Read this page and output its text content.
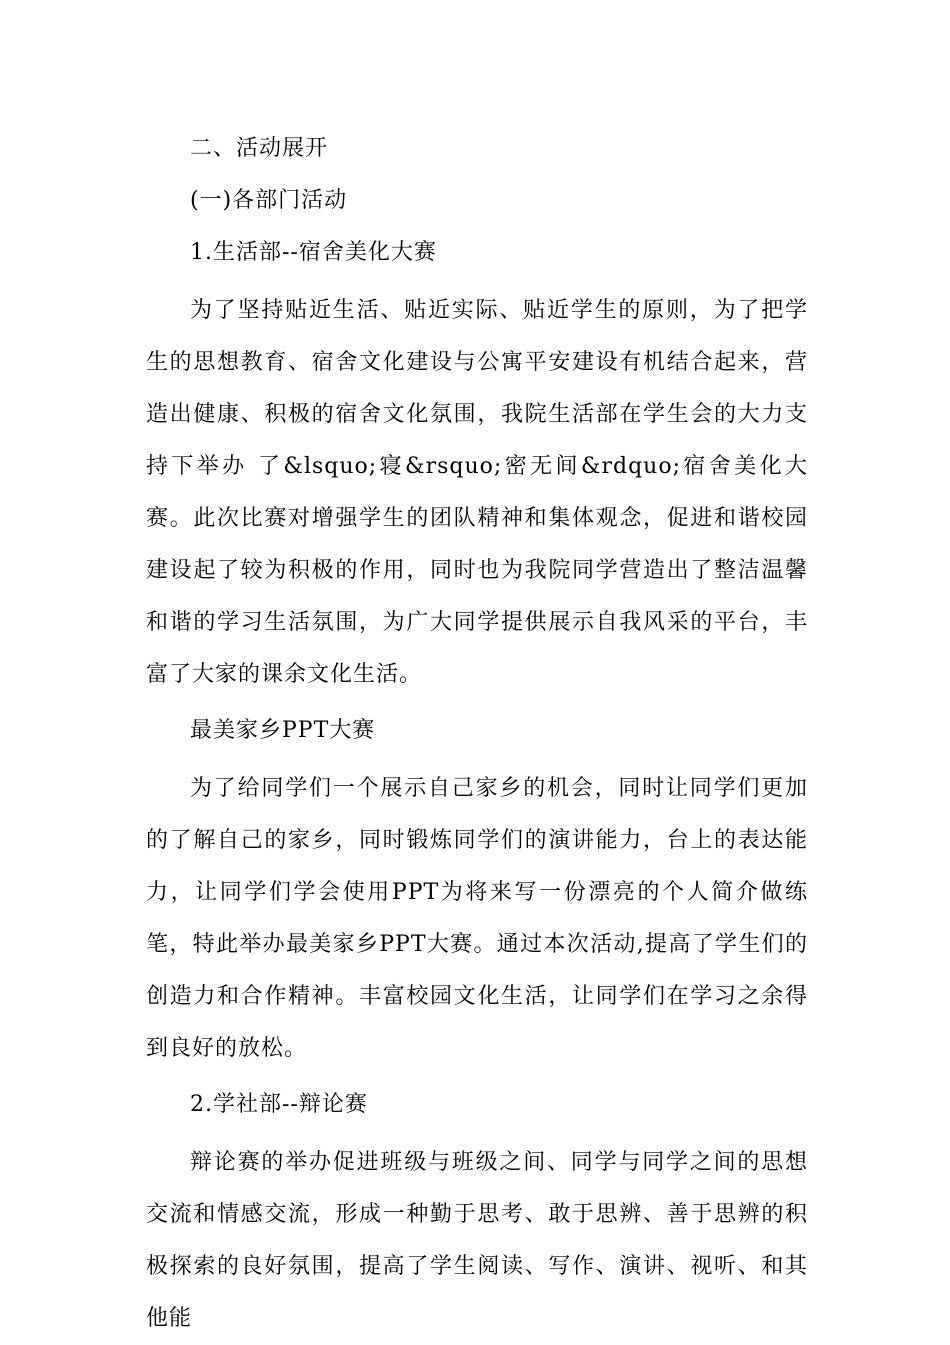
二、活动展开

(一)各部门活动

1.生活部--宿舍美化大赛

为了坚持贴近生活、贴近实际、贴近学生的原则，为了把学生的思想教育、宿舍文化建设与公寓平安建设有机结合起来，营造出健康、积极的宿舍文化氛围，我院生活部在学生会的大力支持下举办 了&lsquo;寝&rsquo;密无间&rdquo;宿舍美化大赛。此次比赛对增强学生的团队精神和集体观念，促进和谐校园建设起了较为积极的作用，同时也为我院同学营造出了整洁温馨和谐的学习生活氛围，为广大同学提供展示自我风采的平台，丰富了大家的课余文化生活。

最美家乡PPT大赛

为了给同学们一个展示自己家乡的机会，同时让同学们更加的了解自己的家乡，同时锻炼同学们的演讲能力，台上的表达能力，让同学们学会使用PPT为将来写一份漂亮的个人简介做练笔，特此举办最美家乡PPT大赛。通过本次活动,提高了学生们的创造力和合作精神。丰富校园文化生活，让同学们在学习之余得到良好的放松。

2.学社部--辩论赛

辩论赛的举办促进班级与班级之间、同学与同学之间的思想交流和情感交流，形成一种勤于思考、敢于思辨、善于思辨的积极探索的良好氛围，提高了学生阅读、写作、演讲、视听、和其他能
